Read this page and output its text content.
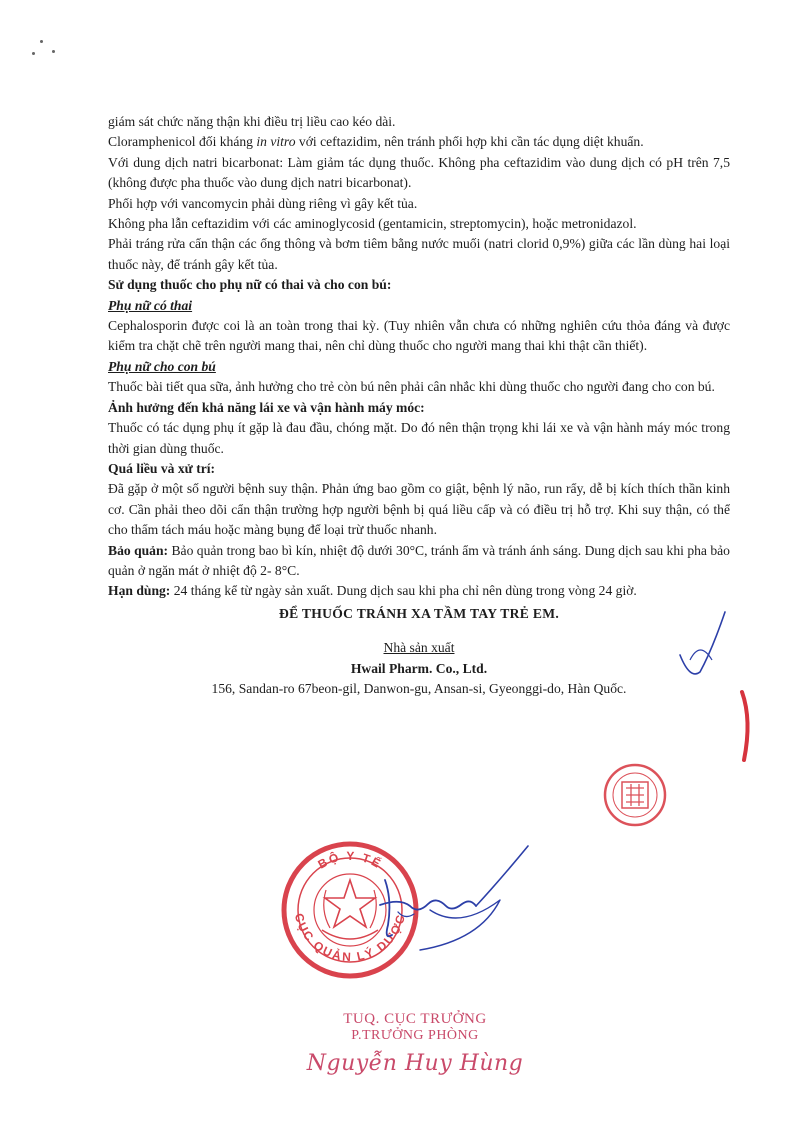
giám sát chức năng thận khi điều trị liều cao kéo dài.

Cloramphenicol đối kháng in vitro với ceftazidim, nên tránh phối hợp khi cần tác dụng diệt khuẩn.

Với dung dịch natri bicarbonat: Làm giảm tác dụng thuốc. Không pha ceftazidim vào dung dịch có pH trên 7,5 (không được pha thuốc vào dung dịch natri bicarbonat).

Phối hợp với vancomycin phải dùng riêng vì gây kết tủa.

Không pha lẫn ceftazidim với các aminoglycosid (gentamicin, streptomycin), hoặc metronidazol.

Phải tráng rửa cẩn thận các ống thông và bơm tiêm bằng nước muối (natri clorid 0,9%) giữa các lần dùng hai loại thuốc này, để tránh gây kết tủa.

Sử dụng thuốc cho phụ nữ có thai và cho con bú:

Phụ nữ có thai

Cephalosporin được coi là an toàn trong thai kỳ. (Tuy nhiên vẫn chưa có những nghiên cứu thỏa đáng và được kiểm tra chặt chẽ trên người mang thai, nên chỉ dùng thuốc cho người mang thai khi thật cần thiết).

Phụ nữ cho con bú

Thuốc bài tiết qua sữa, ảnh hưởng cho trẻ còn bú nên phải cân nhắc khi dùng thuốc cho người đang cho con bú.

Ảnh hưởng đến khả năng lái xe và vận hành máy móc:

Thuốc có tác dụng phụ ít gặp là đau đầu, chóng mặt. Do đó nên thận trọng khi lái xe và vận hành máy móc trong thời gian dùng thuốc.

Quá liều và xử trí:

Đã gặp ở một số người bệnh suy thận. Phản ứng bao gồm co giật, bệnh lý não, run rẩy, dễ bị kích thích thần kinh cơ. Cần phải theo dõi cẩn thận trường hợp người bệnh bị quá liều cấp và có điều trị hỗ trợ. Khi suy thận, có thể cho thẩm tách máu hoặc màng bụng để loại trừ thuốc nhanh.

Bảo quản: Bảo quản trong bao bì kín, nhiệt độ dưới 30°C, tránh ẩm và tránh ánh sáng. Dung dịch sau khi pha bảo quản ở ngăn mát ở nhiệt độ 2- 8°C.

Hạn dùng: 24 tháng kể từ ngày sản xuất. Dung dịch sau khi pha chỉ nên dùng trong vòng 24 giờ.

ĐỂ THUỐC TRÁNH XA TẦM TAY TRẺ EM.

Nhà sản xuất

Hwail Pharm. Co., Ltd.

156, Sandan-ro 67beon-gil, Danwon-gu, Ansan-si, Gyeonggi-do, Hàn Quốc.

BỘ Y TẾ
CỤC QUẢN LÝ DƯỢC
TUQ. CỤC TRƯỞNG
P.TRƯỞNG PHÒNG
Nguyễn Huy Hùng
